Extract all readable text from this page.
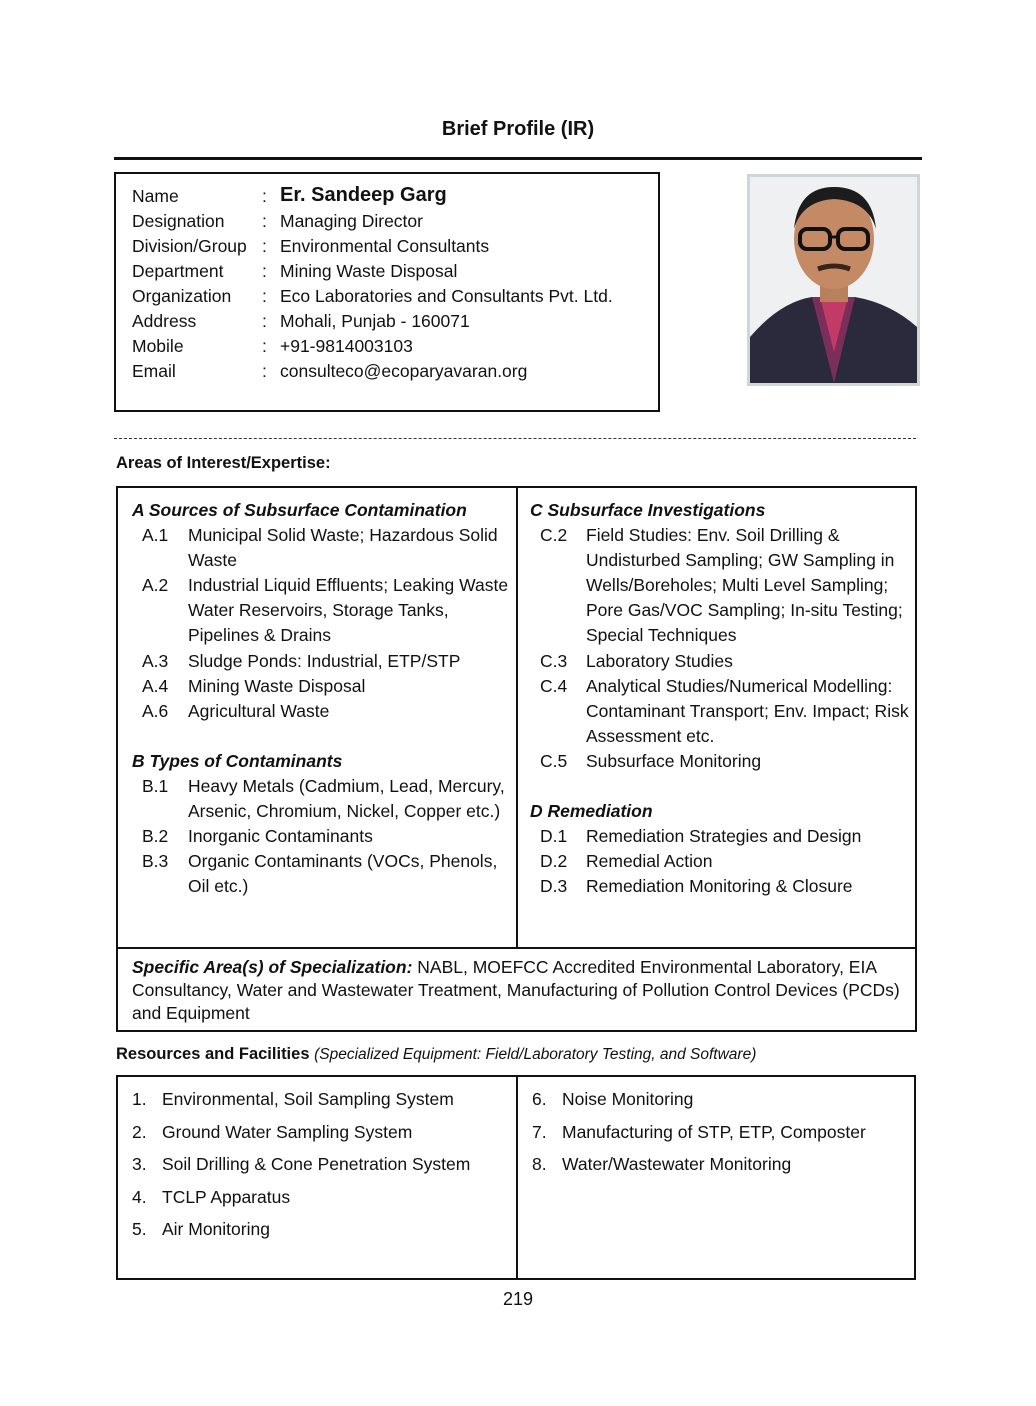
Brief Profile (IR)
Name	: Er. Sandeep Garg
Designation : Managing Director
Division/Group : Environmental Consultants
Department : Mining Waste Disposal
Organization : Eco Laboratories and Consultants Pvt. Ltd.
Address	: Mohali, Punjab - 160071
Mobile	: +91-9814003103
Email	: consulteco@ecoparyavaran.org
Areas of Interest/Expertise:
A Sources of Subsurface Contamination
A.1 Municipal Solid Waste; Hazardous Solid Waste
A.2 Industrial Liquid Effluents; Leaking Waste Water Reservoirs, Storage Tanks, Pipelines & Drains
A.3 Sludge Ponds: Industrial, ETP/STP
A.4 Mining Waste Disposal
A.6 Agricultural Waste
B Types of Contaminants
B.1 Heavy Metals (Cadmium, Lead, Mercury, Arsenic, Chromium, Nickel, Copper etc.)
B.2 Inorganic Contaminants
B.3 Organic Contaminants (VOCs, Phenols, Oil etc.)
C Subsurface Investigations
C.2 Field Studies: Env. Soil Drilling & Undisturbed Sampling; GW Sampling in Wells/Boreholes; Multi Level Sampling; Pore Gas/VOC Sampling; In-situ Testing; Special Techniques
C.3 Laboratory Studies
C.4 Analytical Studies/Numerical Modelling: Contaminant Transport; Env. Impact; Risk Assessment etc.
C.5 Subsurface Monitoring
D Remediation
D.1 Remediation Strategies and Design
D.2 Remedial Action
D.3 Remediation Monitoring & Closure
Specific Area(s) of Specialization: NABL, MOEFCC Accredited Environmental Laboratory, EIA Consultancy, Water and Wastewater Treatment, Manufacturing of Pollution Control Devices (PCDs) and Equipment
Resources and Facilities (Specialized Equipment: Field/Laboratory Testing, and Software)
1. Environmental, Soil Sampling System
2. Ground Water Sampling System
3. Soil Drilling & Cone Penetration System
4. TCLP Apparatus
5. Air Monitoring
6. Noise Monitoring
7. Manufacturing of STP, ETP, Composter
8. Water/Wastewater Monitoring
219
